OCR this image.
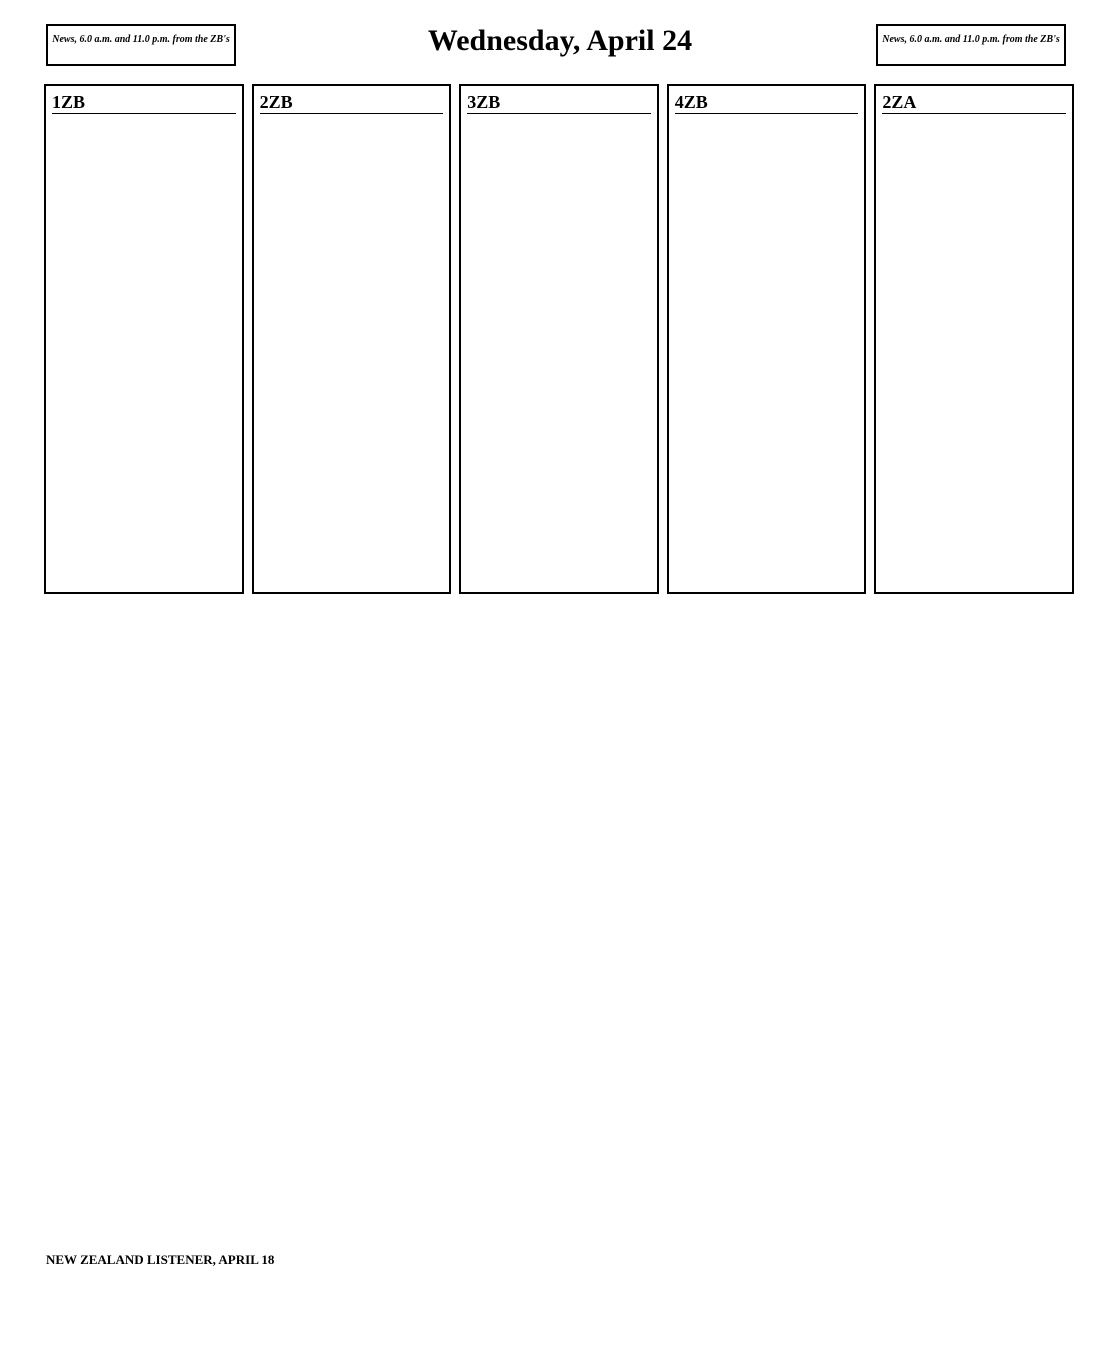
News, 6.0 a.m. and 11.0 p.m. from the ZB's	Wednesday, April 24	News, 6.0 a.m. and 11.0 p.m. from the ZB's
1ZB	2ZB	3ZB	4ZB	2ZA
NEW ZEALAND LISTENER, APRIL 18
